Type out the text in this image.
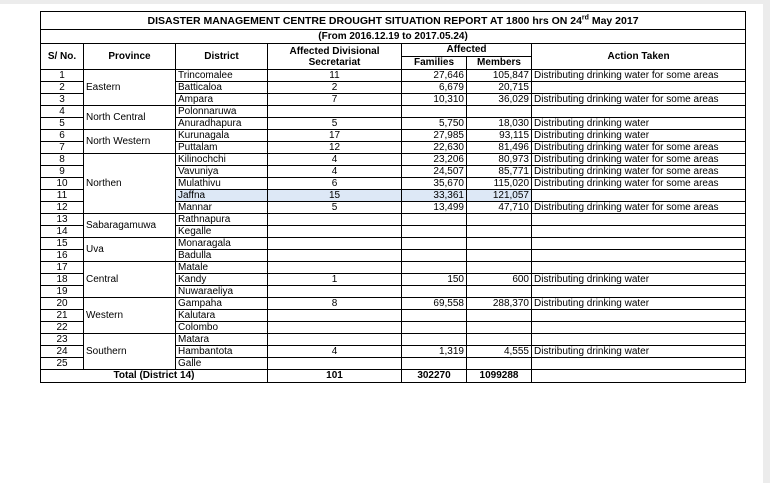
DISASTER MANAGEMENT CENTRE DROUGHT SITUATION REPORT AT 1800 hrs ON 24rd May 2017						
(From 2016.12.19 to 2017.05.24)						
S/ No.	Province	District	Affected Divisional Secretariat	Affected		Action Taken
				Families	Members	
1	Eastern	Trincomalee	11	27,646	105,847	Distributing drinking water for some areas
2		Batticaloa	2	6,679	20,715	
3		Ampara	7	10,310	36,029	Distributing drinking water for some areas
4	North Central	Polonnaruwa				
5		Anuradhapura	5	5,750	18,030	Distributing drinking water
6	North Western	Kurunagala	17	27,985	93,115	Distributing drinking water
7		Puttalam	12	22,630	81,496	Distributing drinking water for some areas
8	Northen	Kilinochchi	4	23,206	80,973	Distributing drinking water for some areas
9		Vavuniya	4	24,507	85,771	Distributing drinking water for some areas
10		Mulathivu	6	35,670	115,020	Distributing drinking water for some areas
11		Jaffna	15	33,361	121,057	
12		Mannar	5	13,499	47,710	Distributing drinking water for some areas
13	Sabaragamuwa	Rathnapura				
14		Kegalle				
15	Uva	Monaragala				
16		Badulla				
17	Central	Matale				
18		Kandy	1	150	600	Distributing drinking water
19		Nuwaraeliya				
20	Western	Gampaha	8	69,558	288,370	Distributing drinking water
21		Kalutara				
22		Colombo				
23	Southern	Matara				
24		Hambantota	4	1,319	4,555	Distributing drinking water
25		Galle				
Total (District 14)			101	302270	1099288	
